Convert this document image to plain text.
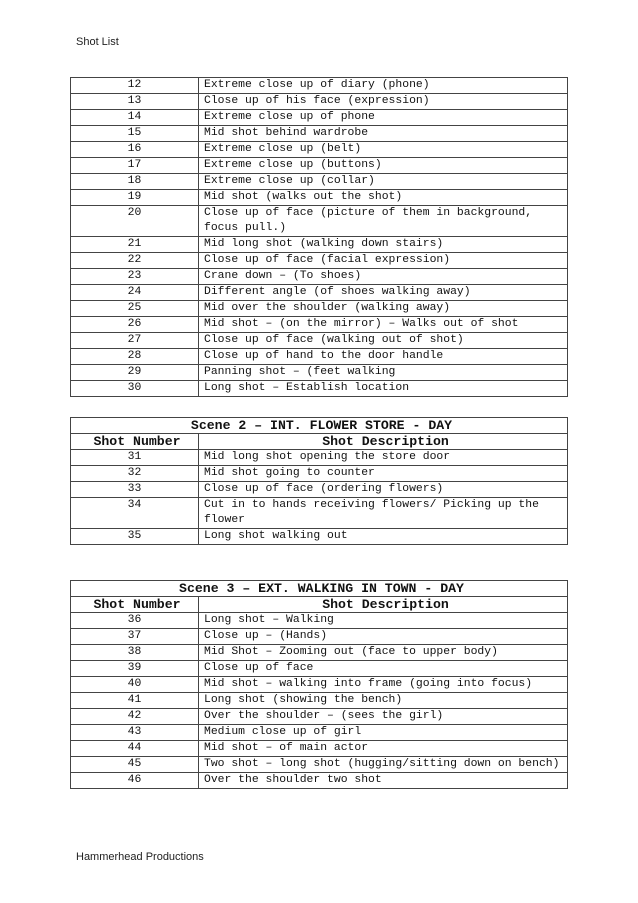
Shot List
12	Extreme close up of diary (phone)
13	Close up of his face (expression)
14	Extreme close up of phone
15	Mid shot behind wardrobe
16	Extreme close up (belt)
17	Extreme close up (buttons)
18	Extreme close up (collar)
19	Mid shot (walks out the shot)
20	Close up of face (picture of them in background, focus pull.)
21	Mid long shot (walking down stairs)
22	Close up of face (facial expression)
23	Crane down – (To shoes)
24	Different angle (of shoes walking away)
25	Mid over the shoulder (walking away)
26	Mid shot – (on the mirror) – Walks out of shot
27	Close up of face (walking out of shot)
28	Close up of hand to the door handle
29	Panning shot – (feet walking
30	Long shot – Establish location
Scene 2 – INT. FLOWER STORE - DAY	
Shot Number	Shot Description
31	Mid long shot opening the store door
32	Mid shot going to counter
33	Close up of face (ordering flowers)
34	Cut in to hands receiving flowers/ Picking up the flower
35	Long shot walking out
Scene 3 – EXT. WALKING IN TOWN - DAY	
Shot Number	Shot Description
36	Long shot – Walking
37	Close up – (Hands)
38	Mid Shot – Zooming out (face to upper body)
39	Close up of face
40	Mid shot – walking into frame (going into focus)
41	Long shot (showing the bench)
42	Over the shoulder – (sees the girl)
43	Medium close up of girl
44	Mid shot – of main actor
45	Two shot – long shot (hugging/sitting down on bench)
46	Over the shoulder two shot
Hammerhead Productions
